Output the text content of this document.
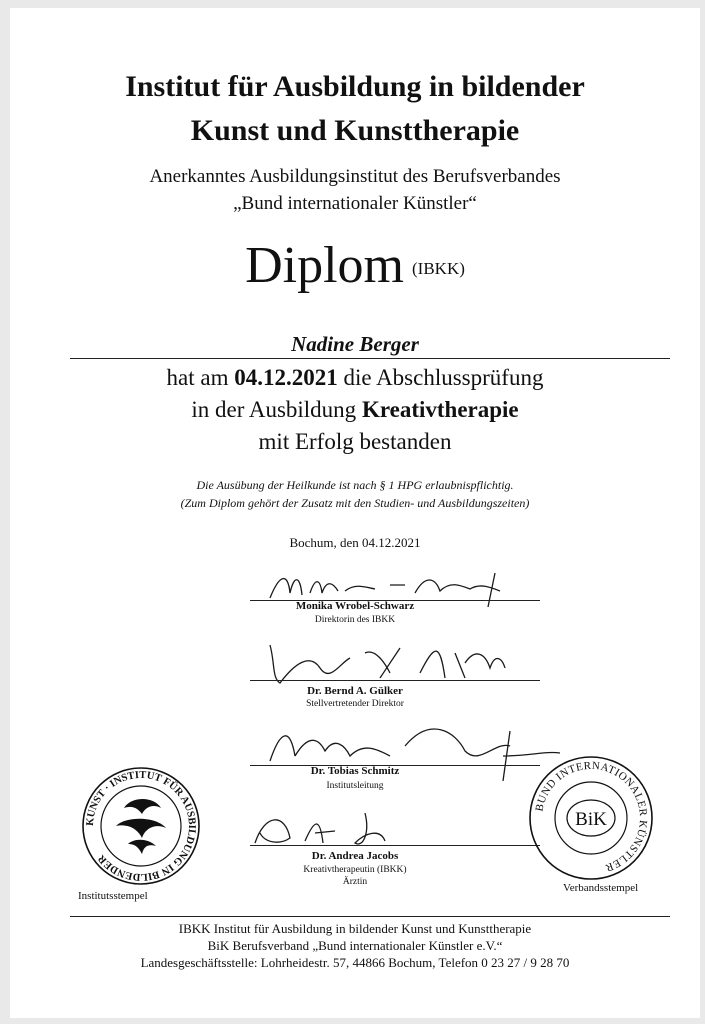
Institut für Ausbildung in bildender
Kunst und Kunsttherapie
Anerkanntes Ausbildungsinstitut des Berufsverbandes
„Bund internationaler Künstler“
Diplom (IBKK)
Nadine Berger
hat am 04.12.2021 die Abschlussprüfung
in der Ausbildung Kreativtherapie
mit Erfolg bestanden
Die Ausübung der Heilkunde ist nach § 1 HPG erlaubnispflichtig.
(Zum Diplom gehört der Zusatz mit den Studien- und Ausbildungszeiten)
Bochum, den 04.12.2021
Monika Wrobel-Schwarz
Direktorin des IBKK
Dr. Bernd A. Gülker
Stellvertretender Direktor
Dr. Tobias Schmitz
Institutsleitung
Dr. Andrea Jacobs
Kreativtherapeutin (IBKK)
Ärztin
KUNST · INSTITUT FÜR AUSBILDUNG IN BILDENDER
Institutsstempel
BUND INTERNATIONALER KÜNSTLER
BiK
Verbandsstempel
IBKK Institut für Ausbildung in bildender Kunst und Kunsttherapie
BiK Berufsverband „Bund internationaler Künstler e.V.“
Landesgeschäftsstelle: Lohrheidestr. 57, 44866 Bochum, Telefon 0 23 27 / 9 28 70
